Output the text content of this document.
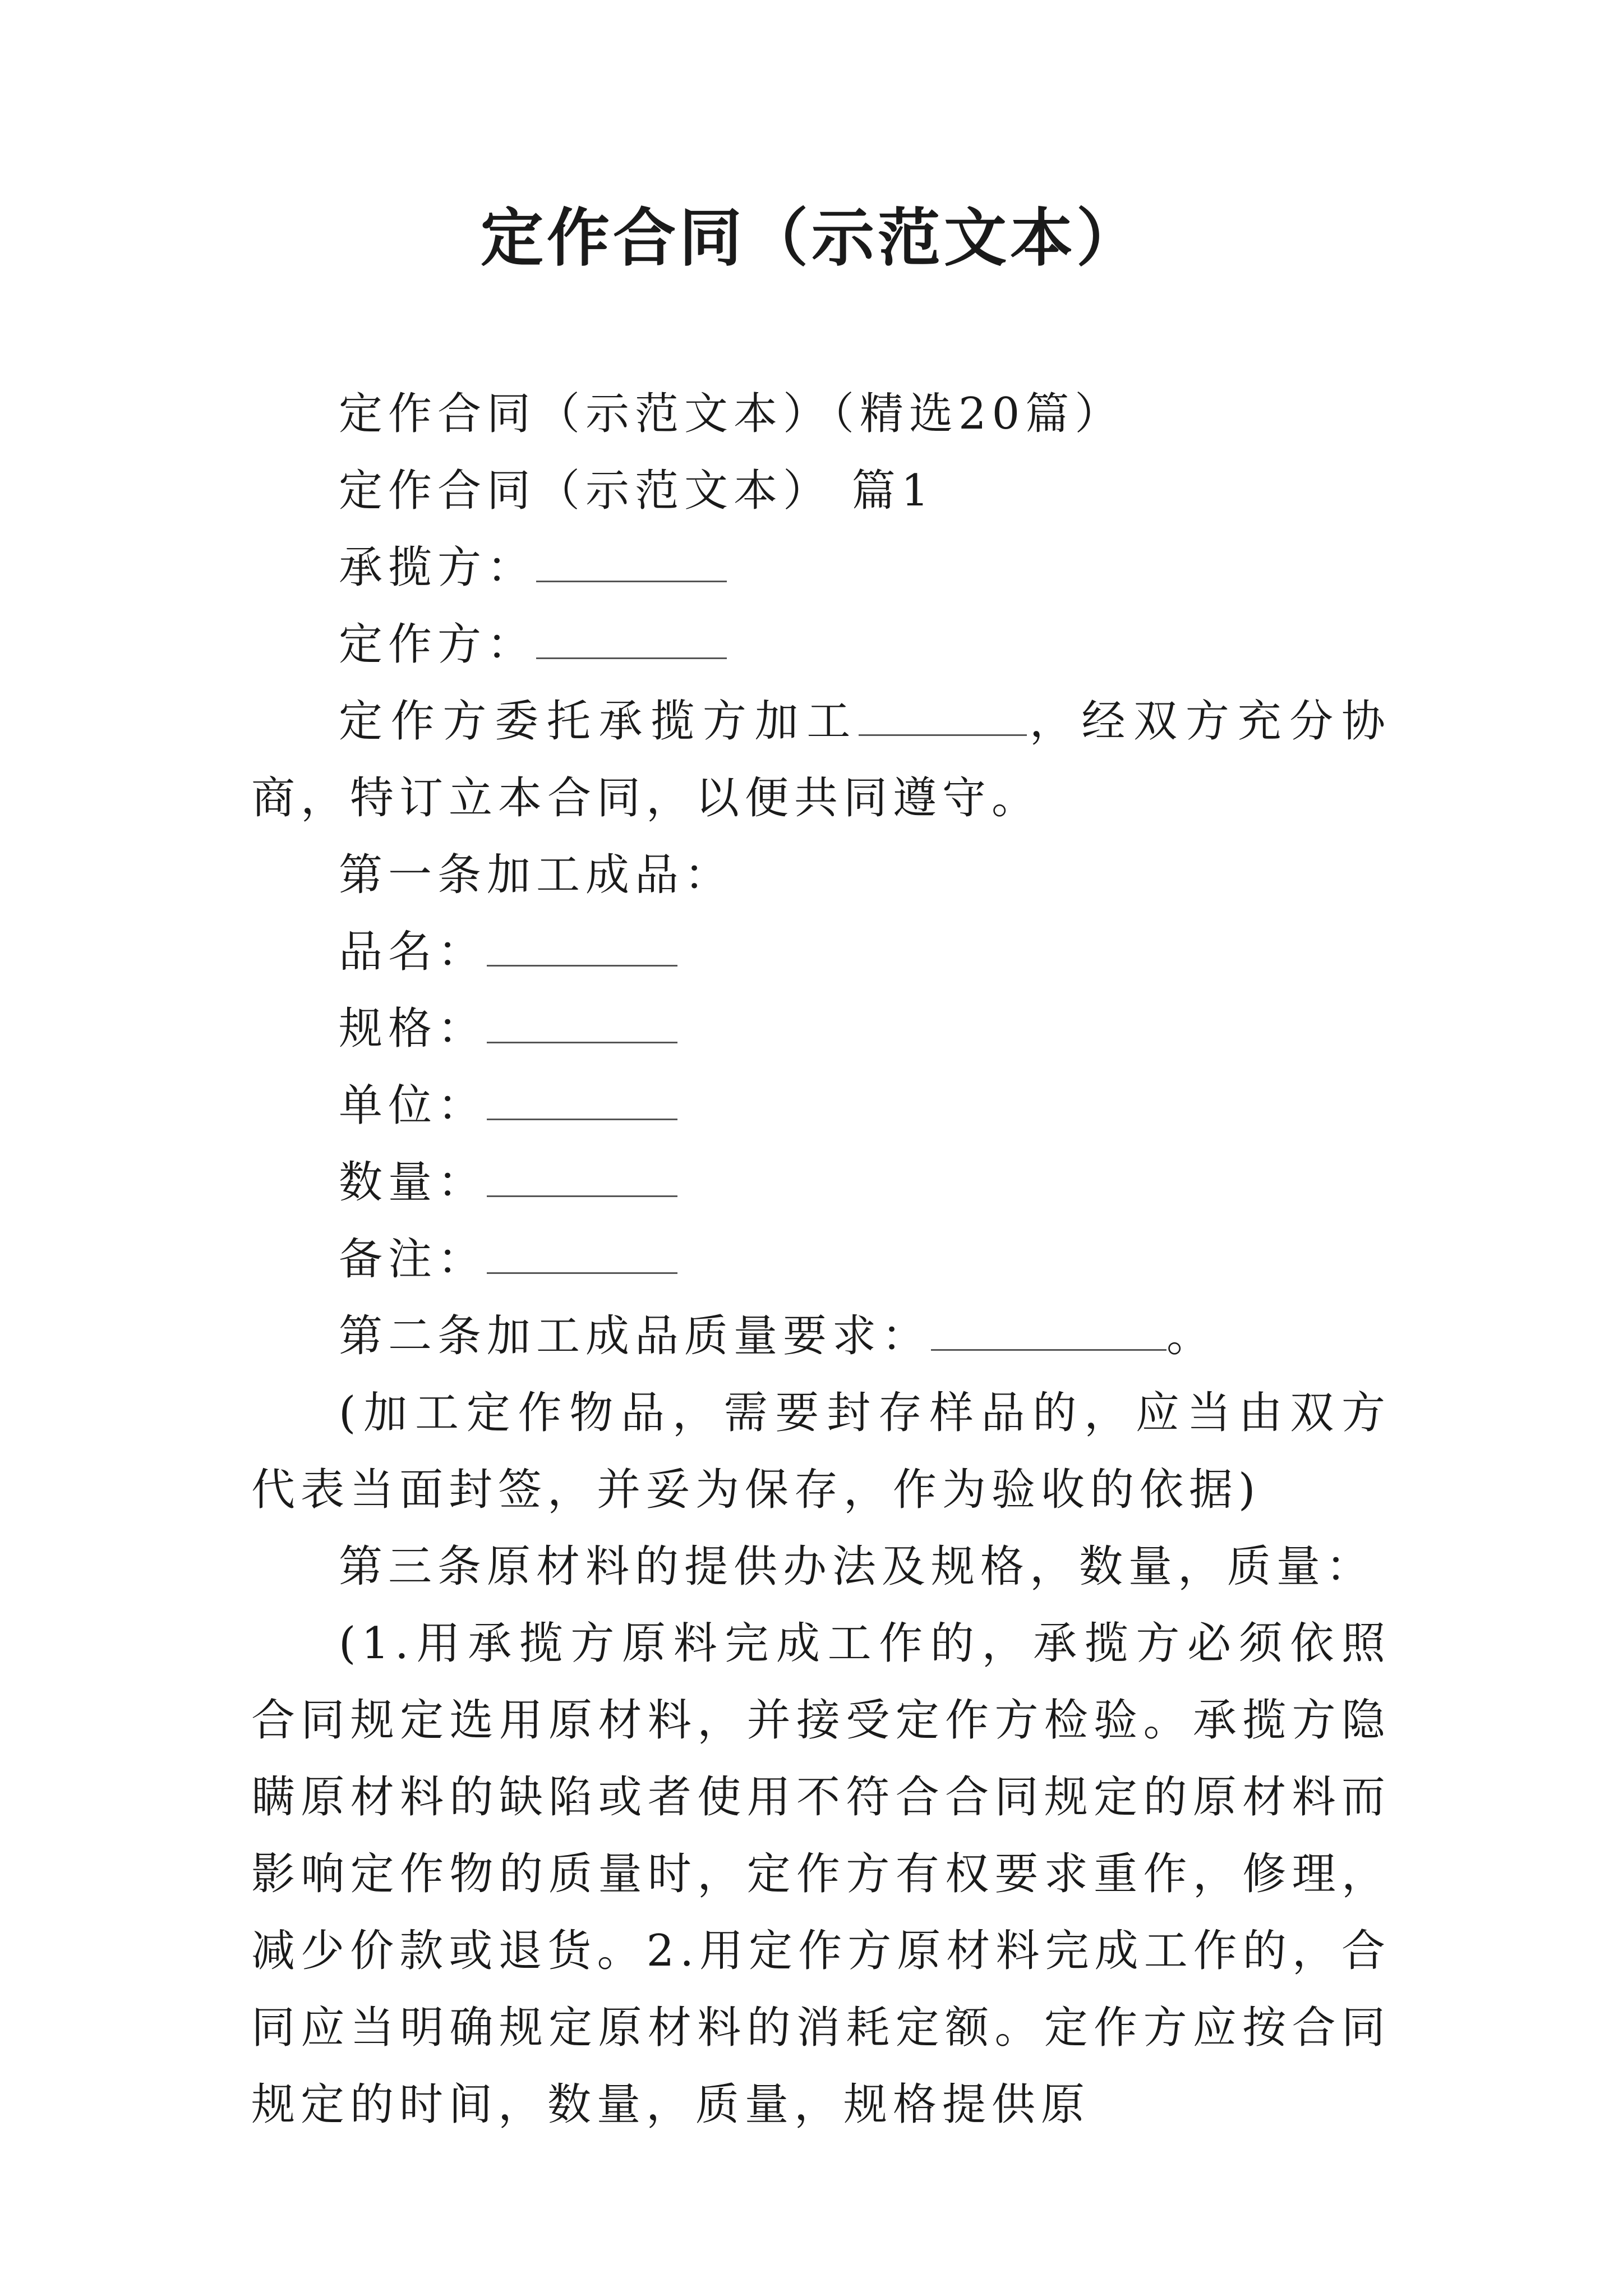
定作合同（示范文本）

定作合同（示范文本）（精选20篇）

定作合同（示范文本） 篇1

承揽方：

定作方：

定作方委托承揽方加工	，经双方充分协商，特订立本合同，以便共同遵守。

第一条加工成品：

品名：

规格：

单位：

数量：

备注：

第二条加工成品质量要求：	。

(加工定作物品，需要封存样品的，应当由双方代表当面封签，并妥为保存，作为验收的依据)

第三条原材料的提供办法及规格，数量，质量：

(1.用承揽方原料完成工作的，承揽方必须依照合同规定选用原材料，并接受定作方检验。承揽方隐瞒原材料的缺陷或者使用不符合合同规定的原材料而影响定作物的质量时，定作方有权要求重作，修理，减少价款或退货。2.用定作方原材料完成工作的，合同应当明确规定原材料的消耗定额。定作方应按合同规定的时间，数量，质量，规格提供原
